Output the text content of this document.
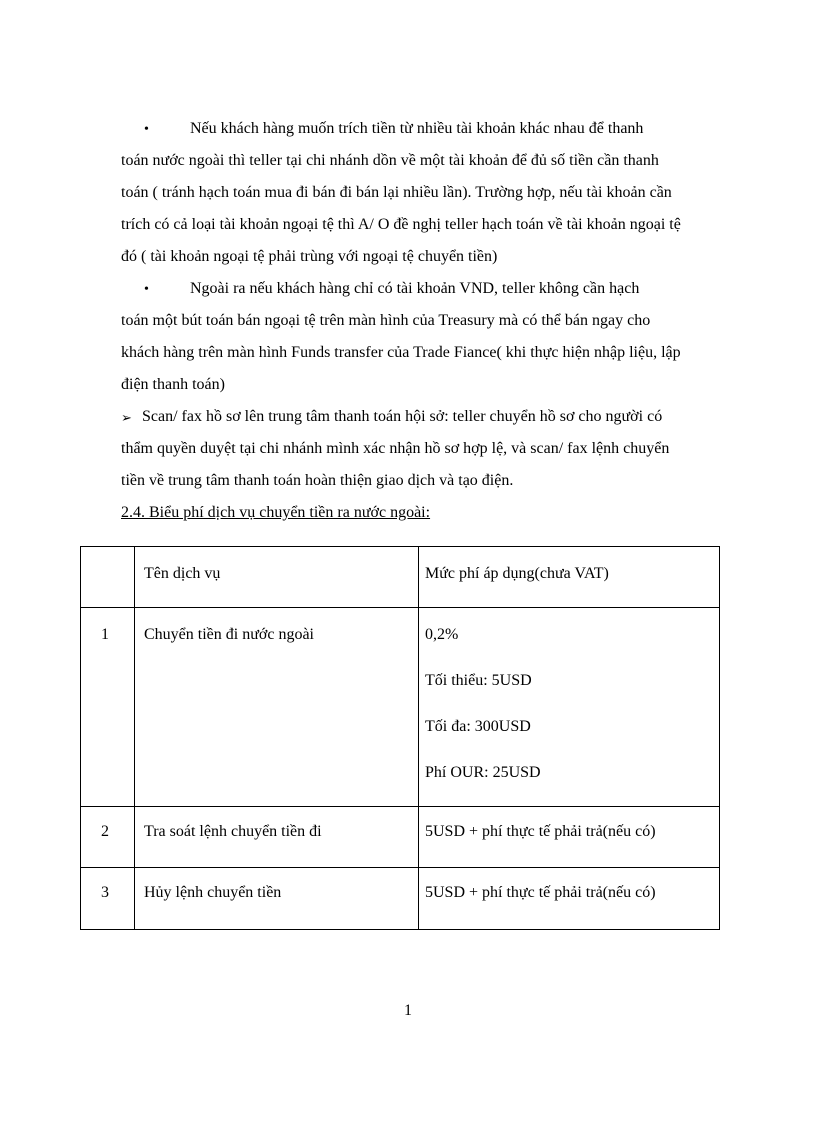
•	Nếu khách hàng muốn trích tiền từ nhiều tài khoản khác nhau để thanh
toán nước ngoài thì teller tại chi nhánh dồn về một tài khoản để đủ số tiền cần thanh
toán ( tránh hạch toán mua đi bán đi bán lại nhiều lần). Trường hợp, nếu tài khoản cần
trích có cả loại tài khoản ngoại tệ thì A/ O đề nghị teller hạch toán về tài khoản ngoại tệ
đó ( tài khoản ngoại tệ phải trùng với ngoại tệ chuyển tiền)
•	Ngoài ra nếu khách hàng chỉ có tài khoản VND, teller không cần hạch
toán một bút toán bán ngoại tệ trên màn hình của Treasury mà có thể bán ngay cho
khách hàng trên màn hình Funds transfer của Trade Fiance( khi thực hiện nhập liệu, lập
điện thanh toán)
➢ Scan/ fax hồ sơ lên trung tâm thanh toán hội sở: teller chuyển hồ sơ cho người có
thẩm quyền duyệt tại chi nhánh mình xác nhận hồ sơ hợp lệ, và scan/ fax lệnh chuyển
tiền về trung tâm thanh toán hoàn thiện giao dịch và tạo điện.
2.4. Biểu phí dịch vụ chuyển tiền ra nước ngoài:

	Tên dịch vụ	Mức phí áp dụng(chưa VAT)

1	Chuyển tiền đi nước ngoài	0,2%
Tối thiểu: 5USD
Tối đa: 300USD
Phí OUR: 25USD

2	Tra soát lệnh chuyển tiền đi	5USD + phí thực tế phải trả(nếu có)

3	Hủy lệnh chuyển tiền	5USD + phí thực tế phải trả(nếu có)
1
